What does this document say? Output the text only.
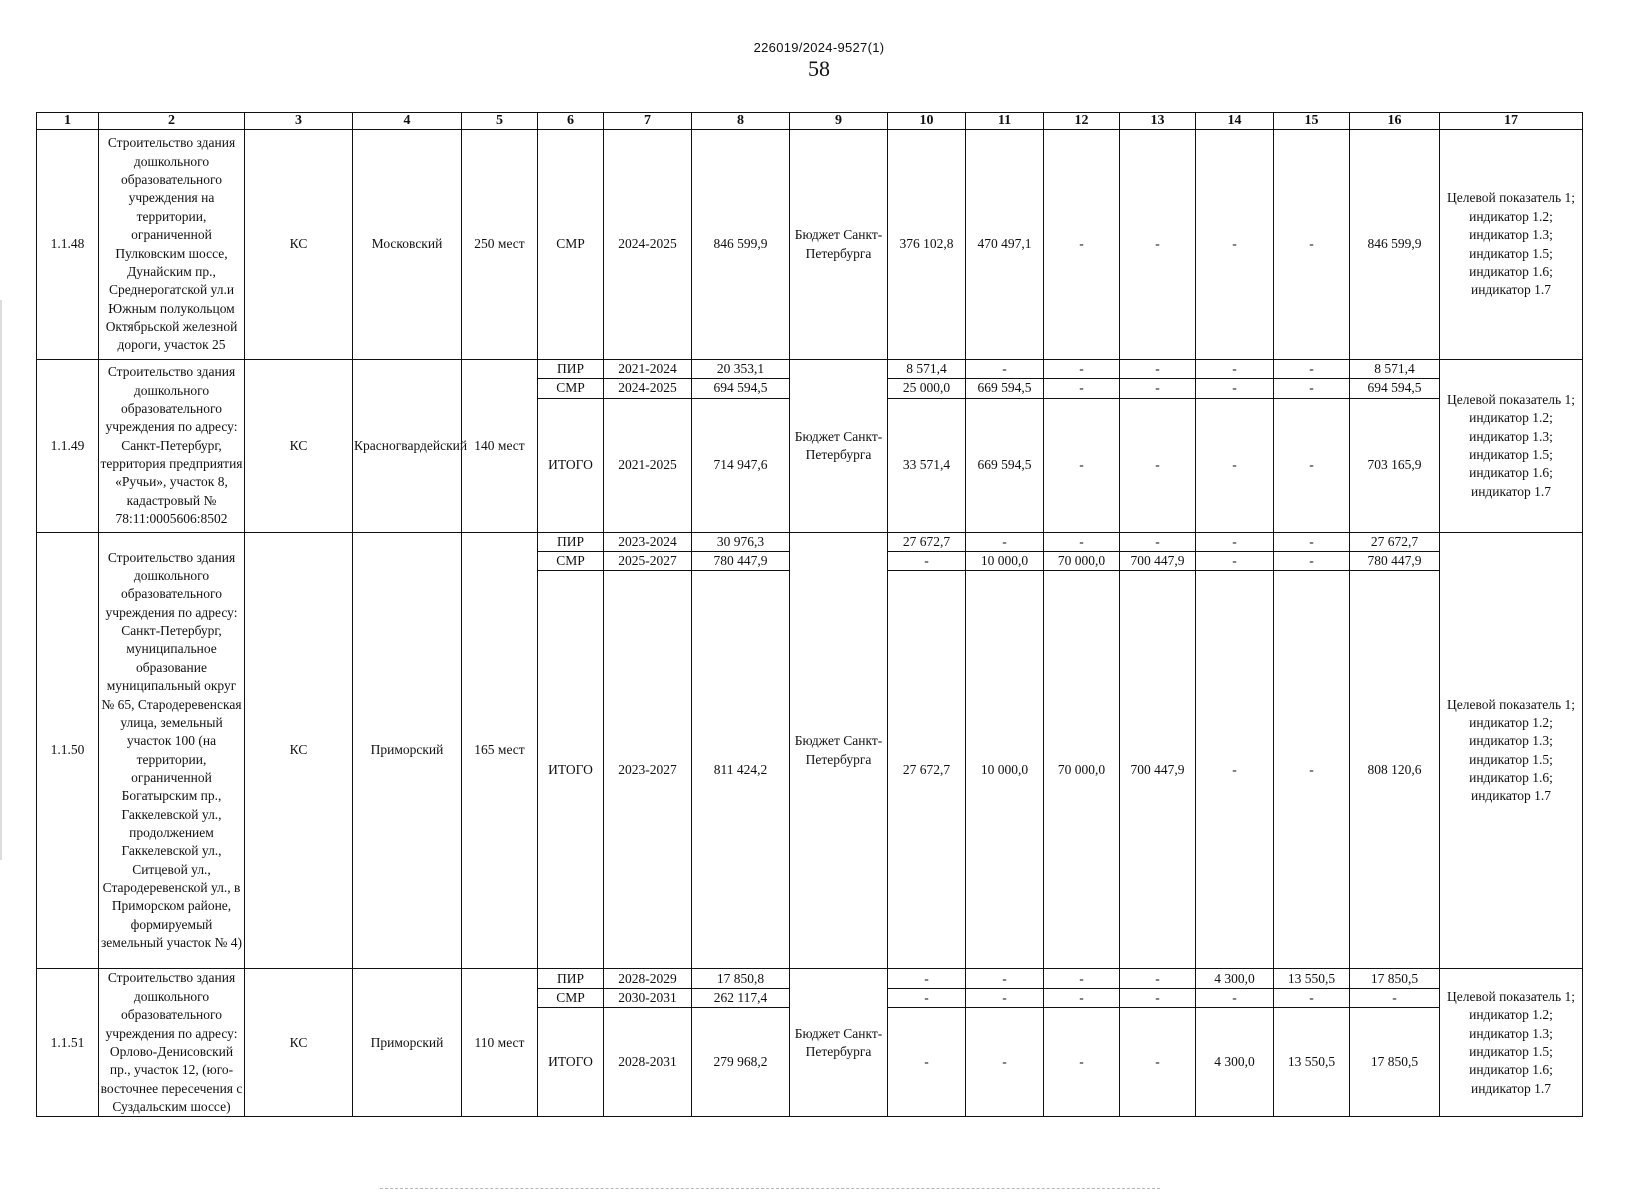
226019/2024-9527(1)
58
1	2	3	4	5	6	7	8	9	10	11	12	13	14	15	16	17
1.1.48	Строительство здания дошкольного образовательного учреждения на территории, ограниченной Пулковским шоссе, Дунайским пр., Среднерогатской ул.и Южным полукольцом Октябрьской железной дороги, участок 25	КС	Московский	250 мест	СМР	2024-2025	846 599,9	Бюджет Санкт-Петербурга	376 102,8	470 497,1	-	-	-	-	846 599,9	Целевой показатель 1; индикатор 1.2; индикатор 1.3; индикатор 1.5; индикатор 1.6; индикатор 1.7
1.1.49	Строительство здания дошкольного образовательного учреждения по адресу: Санкт-Петербург, территория предприятия «Ручьи», участок 8, кадастровый № 78:11:0005606:8502	КС	Красногвардейский	140 мест	ПИР	2021-2024	20 353,1	Бюджет Санкт-Петербурга	8 571,4	-	-	-	-	-	8 571,4	Целевой показатель 1; индикатор 1.2; индикатор 1.3; индикатор 1.5; индикатор 1.6; индикатор 1.7
					СМР	2024-2025	694 594,5		25 000,0	669 594,5	-	-	-	-	694 594,5	
					ИТОГО	2021-2025	714 947,6		33 571,4	669 594,5	-	-	-	-	703 165,9	
1.1.50	Строительство здания дошкольного образовательного учреждения по адресу: Санкт-Петербург, муниципальное образование муниципальный округ № 65, Стародеревенская улица, земельный участок 100 (на территории, ограниченной Богатырским пр., Гаккелевской ул., продолжением Гаккелевской ул., Ситцевой ул., Стародеревенской ул., в Приморском районе, формируемый земельный участок № 4)	КС	Приморский	165 мест	ПИР	2023-2024	30 976,3	Бюджет Санкт-Петербурга	27 672,7	-	-	-	-	-	27 672,7	Целевой показатель 1; индикатор 1.2; индикатор 1.3; индикатор 1.5; индикатор 1.6; индикатор 1.7
					СМР	2025-2027	780 447,9		-	10 000,0	70 000,0	700 447,9	-	-	780 447,9	
					ИТОГО	2023-2027	811 424,2		27 672,7	10 000,0	70 000,0	700 447,9	-	-	808 120,6	
1.1.51	Строительство здания дошкольного образовательного учреждения по адресу: Орлово-Денисовский пр., участок 12, (юго-восточнее пересечения с Суздальским шоссе)	КС	Приморский	110 мест	ПИР	2028-2029	17 850,8	Бюджет Санкт-Петербурга	-	-	-	-	4 300,0	13 550,5	17 850,5	Целевой показатель 1; индикатор 1.2; индикатор 1.3; индикатор 1.5; индикатор 1.6; индикатор 1.7
					СМР	2030-2031	262 117,4		-	-	-	-	-	-	-	
					ИТОГО	2028-2031	279 968,2		-	-	-	-	4 300,0	13 550,5	17 850,5	
